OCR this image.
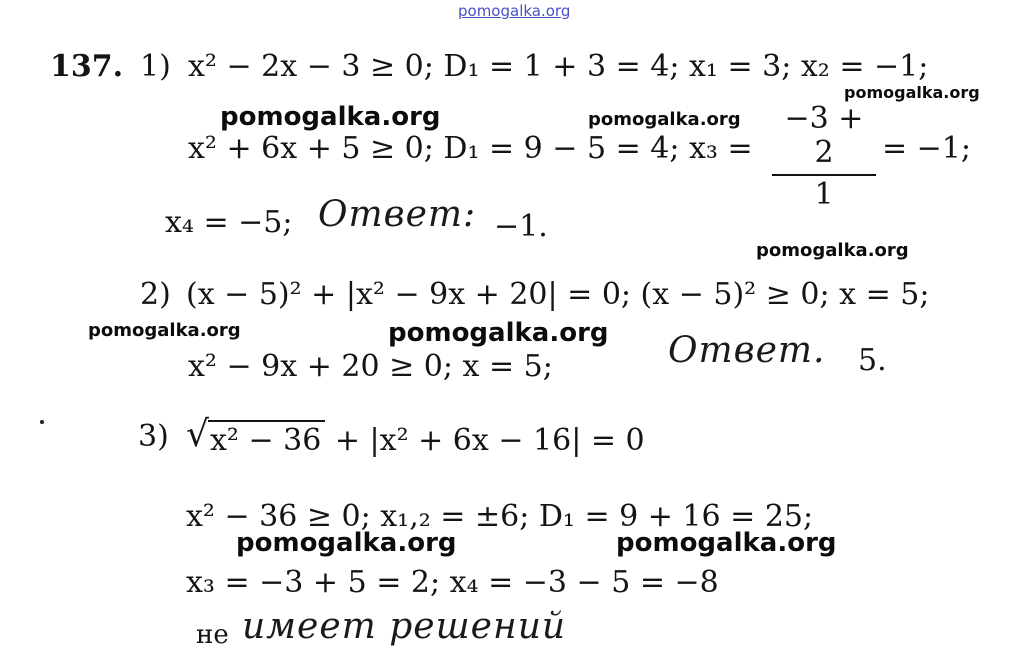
pomogalka.org
137. 1) x² − 2x − 3 ≥ 0; D₁ = 1 + 3 = 4; x₁ = 3; x₂ = −1;
x² + 6x + 5 ≥ 0; D₁ = 9 − 5 = 4; x₃ =
−3 + 2
1
= −1;
x₄ = −5; Ответ: −1.
2) (x − 5)² + |x² − 9x + 20| = 0; (x − 5)² ≥ 0; x = 5;
x² − 9x + 20 ≥ 0; x = 5;	Ответ. 5.
3) √ x² − 36 + |x² + 6x − 16| = 0
x² − 36 ≥ 0; x₁,₂ = ±6; D₁ = 9 + 16 = 25;
x₃ = −3 + 5 = 2; x₄ = −3 − 5 = −8
не имеет решений
pomogalka.org	pomogalka.org
pomogalka.org
pomogalka.org
pomogalka.org	pomogalka.org
pomogalka.org	pomogalka.org
